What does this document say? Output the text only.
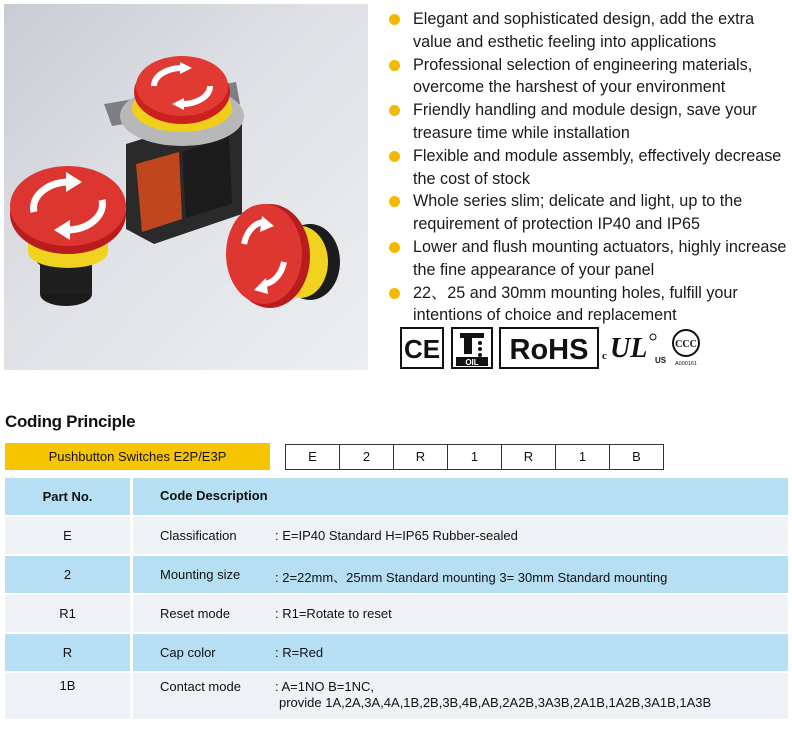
Elegant and sophisticated design, add the extra value and esthetic feeling into applications
Professional selection of engineering materials, overcome the harshest of your environment
Friendly handling and module design, save your treasure time while installation
Flexible and module assembly, effectively decrease the cost of stock
Whole series slim; delicate and light, up to the requirement of protection IP40 and IP65
Lower and flush mounting actuators, highly increase the fine appearance of your panel
22、25 and 30mm mounting holes, fulfill your intentions of choice and replacement
CE	OIL RoHS c UL US
CCC
A000161
Coding Principle
Pushbutton Switches E2P/E3P	E	2	R	1	R	1	B
Part No.	Code Description
E	Classification	: E=IP40 Standard H=IP65 Rubber-sealed
2	Mounting size	: 2=22mm、25mm Standard mounting 3= 30mm Standard mounting
R1	Reset mode	: R1=Rotate to reset
R	Cap color	: R=Red
1B	Contact mode	: A=1NO B=1NC,
provide 1A,2A,3A,4A,1B,2B,3B,4B,AB,2A2B,3A3B,2A1B,1A2B,3A1B,1A3B
